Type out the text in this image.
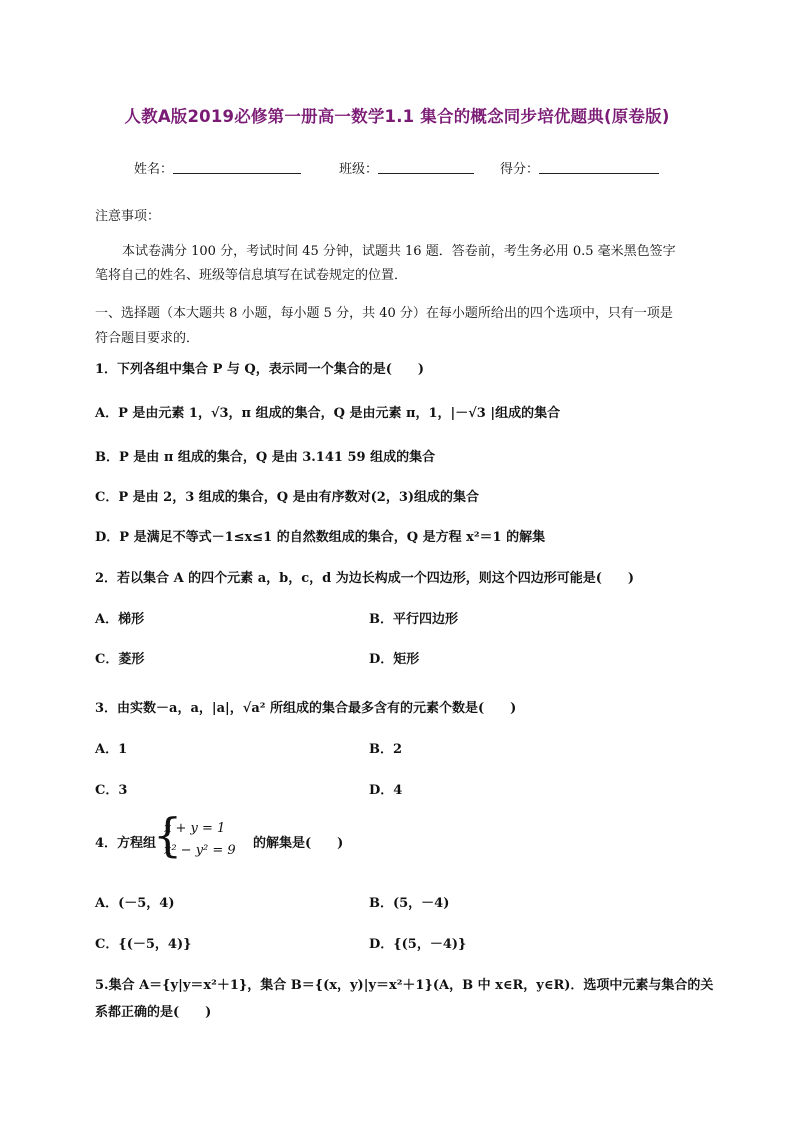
人教A版2019必修第一册高一数学1.1 集合的概念同步培优题典(原卷版)
姓名：	班级：	得分：
注意事项：
本试卷满分 100 分，考试时间 45 分钟，试题共 16 题．答卷前，考生务必用 0.5 毫米黑色签字
笔将自己的姓名、班级等信息填写在试卷规定的位置．
一、选择题（本大题共 8 小题，每小题 5 分，共 40 分）在每小题所给出的四个选项中，只有一项是
符合题目要求的．
1．下列各组中集合 P 与 Q，表示同一个集合的是(　　)
A．P 是由元素 1，√3，π 组成的集合，Q 是由元素 π，1，|－√3 |组成的集合
B．P 是由 π 组成的集合，Q 是由 3.141 59 组成的集合
C．P 是由 2，3 组成的集合，Q 是由有序数对(2，3)组成的集合
D．P 是满足不等式－1≤x≤1 的自然数组成的集合，Q 是方程 x²＝1 的解集
2．若以集合 A 的四个元素 a，b，c，d 为边长构成一个四边形，则这个四边形可能是(　　)
A．梯形	B．平行四边形
C．菱形	D．矩形
3．由实数－a，a，|a|，√a² 所组成的集合最多含有的元素个数是(　　)
A．1	B．2
C．3	D．4
4．方程组
{
x + y = 1
x² − y² = 9 的解集是(　　)
A．(－5，4)	B．(5，－4)
C．{(－5，4)}	D．{(5，－4)}
5.集合 A＝{y|y＝x²＋1}，集合 B＝{(x，y)|y＝x²＋1}(A，B 中 x∈R，y∈R)．选项中元素与集合的关
系都正确的是(　　)
